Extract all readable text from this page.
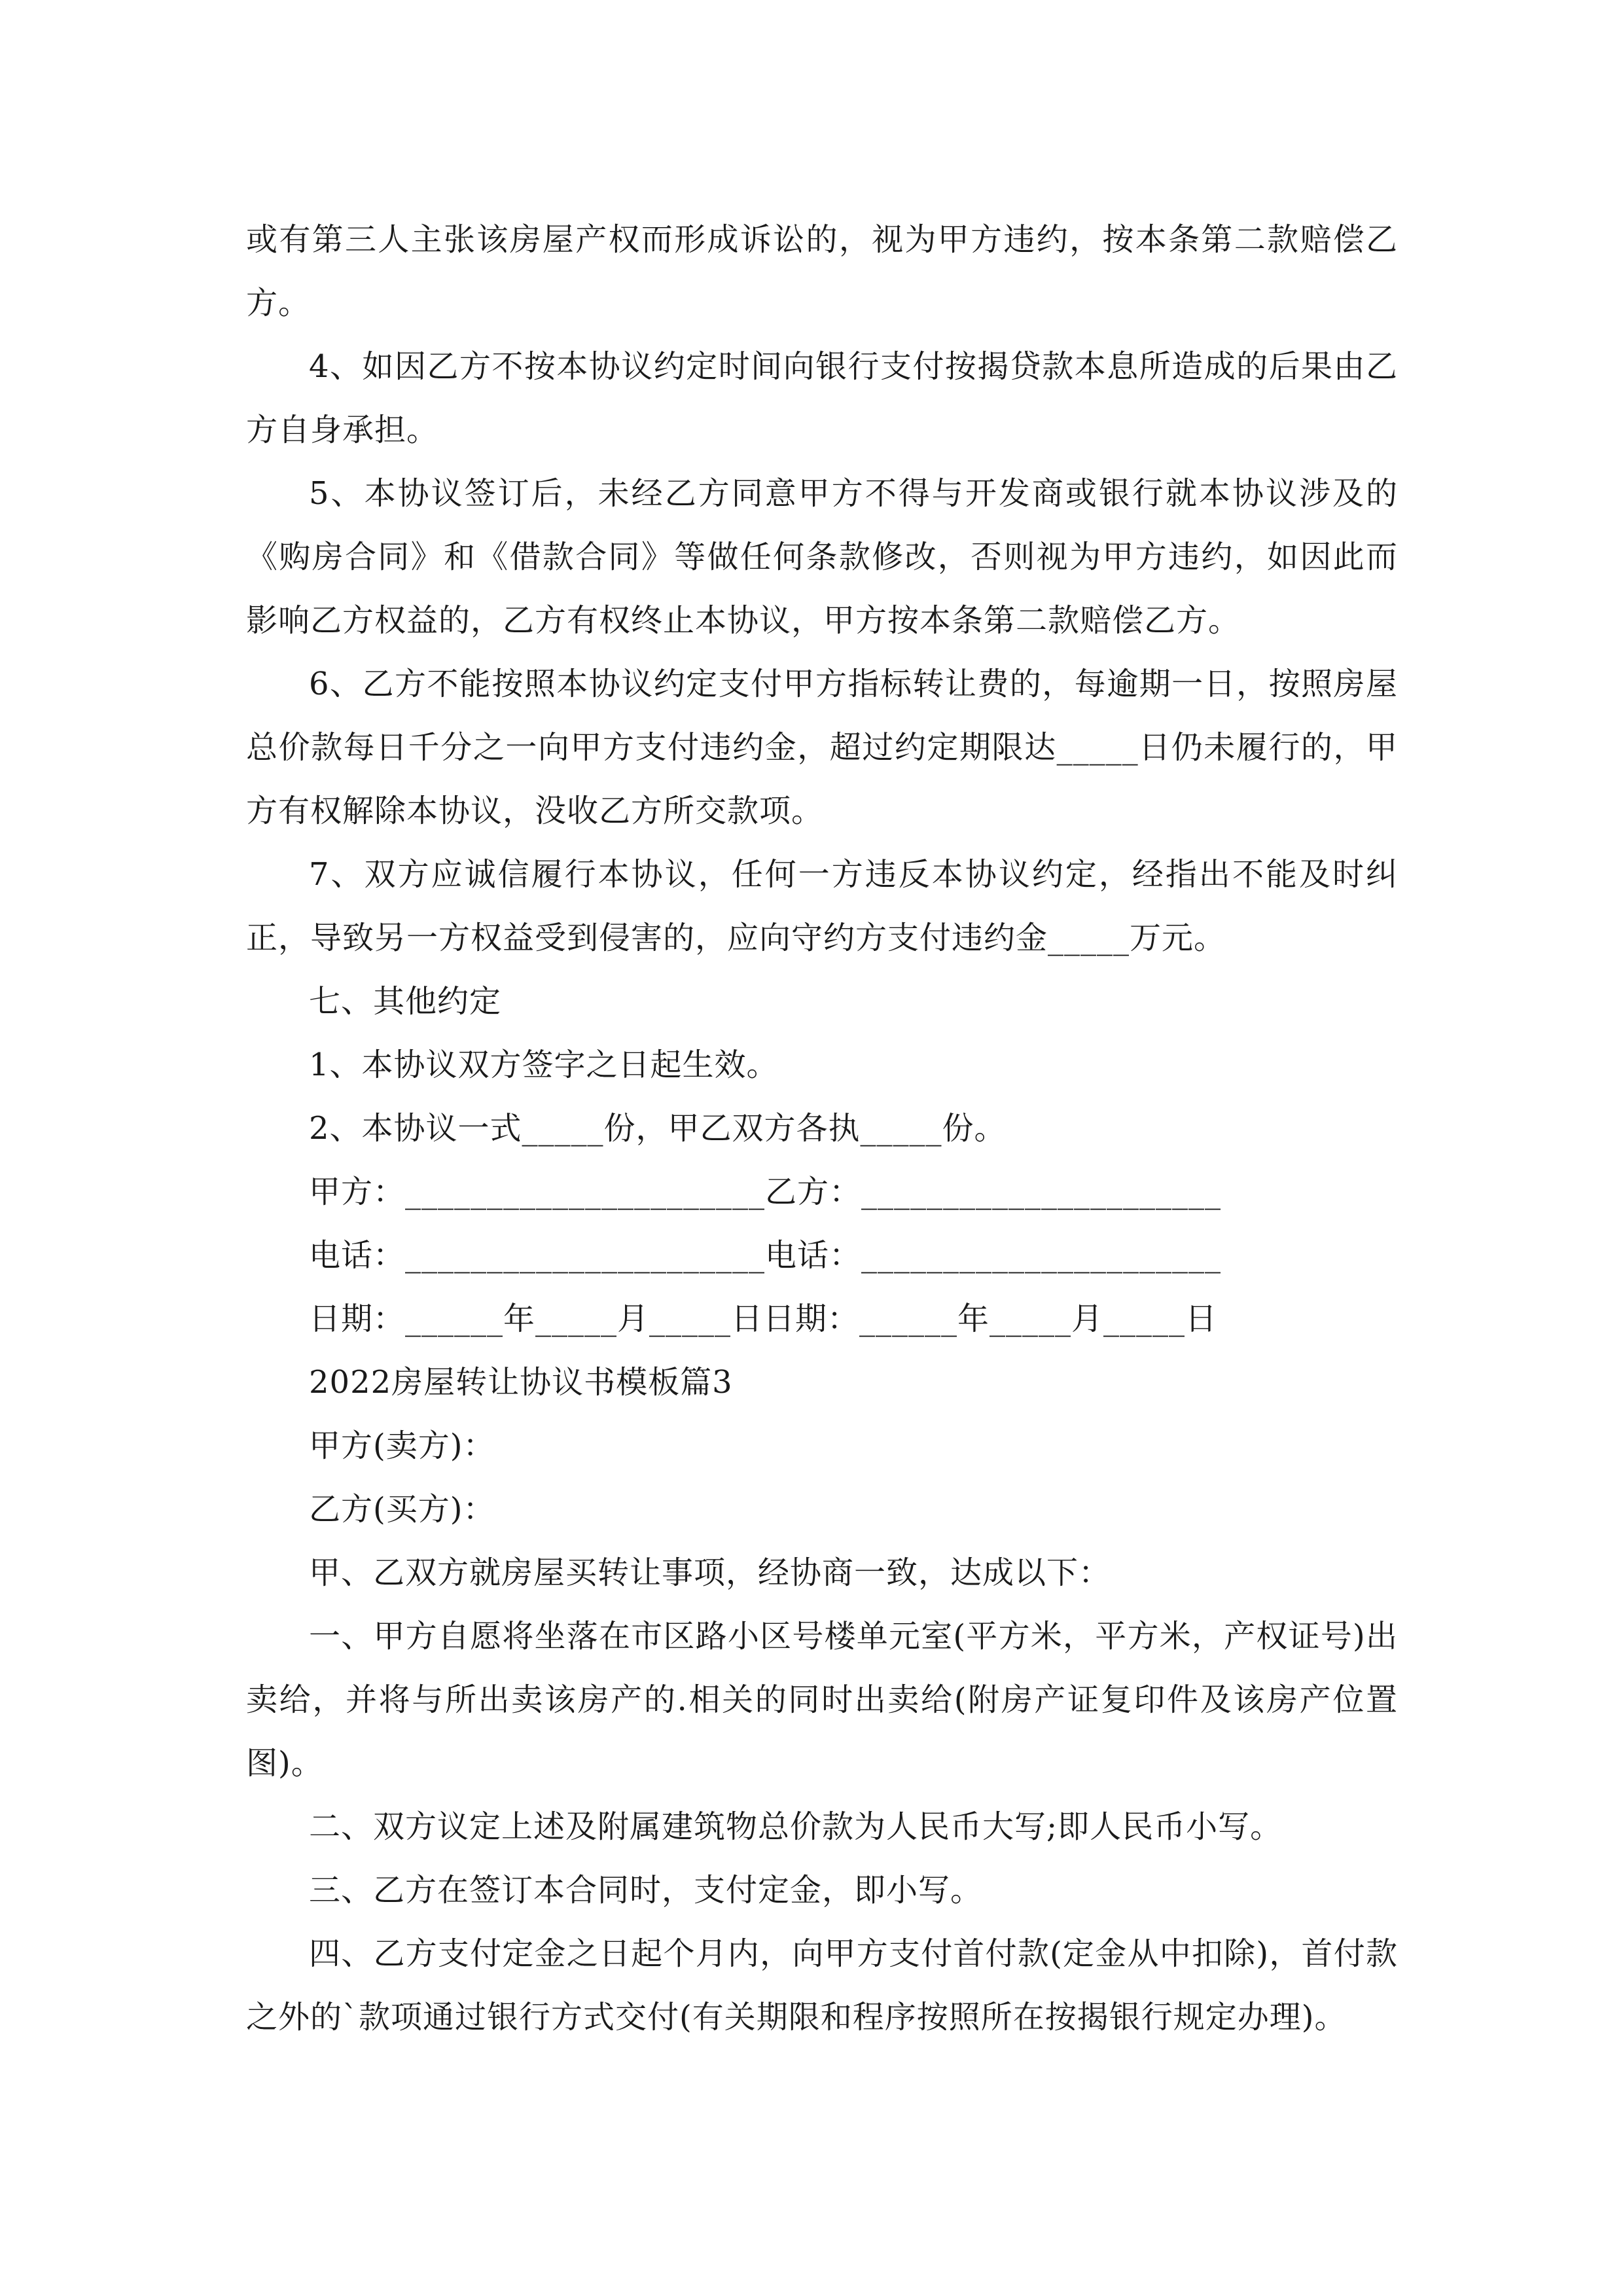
或有第三人主张该房屋产权而形成诉讼的，视为甲方违约，按本条第二款赔偿乙方。

4、如因乙方不按本协议约定时间向银行支付按揭贷款本息所造成的后果由乙方自身承担。

5、本协议签订后，未经乙方同意甲方不得与开发商或银行就本协议涉及的《购房合同》和《借款合同》等做任何条款修改，否则视为甲方违约，如因此而影响乙方权益的，乙方有权终止本协议，甲方按本条第二款赔偿乙方。

6、乙方不能按照本协议约定支付甲方指标转让费的，每逾期一日，按照房屋总价款每日千分之一向甲方支付违约金，超过约定期限达_____日仍未履行的，甲方有权解除本协议，没收乙方所交款项。

7、双方应诚信履行本协议，任何一方违反本协议约定，经指出不能及时纠正，导致另一方权益受到侵害的，应向守约方支付违约金_____万元。

七、其他约定

1、本协议双方签字之日起生效。

2、本协议一式_____份，甲乙双方各执_____份。

甲方：______________________乙方：______________________

电话：______________________电话：______________________

日期：______年_____月_____日日期：______年_____月_____日

2022房屋转让协议书模板篇3

甲方(卖方)：

乙方(买方)：

甲、乙双方就房屋买转让事项，经协商一致，达成以下：

一、甲方自愿将坐落在市区路小区号楼单元室(平方米，平方米，产权证号)出卖给，并将与所出卖该房产的.相关的同时出卖给(附房产证复印件及该房产位置图)。

二、双方议定上述及附属建筑物总价款为人民币大写;即人民币小写。

三、乙方在签订本合同时，支付定金，即小写。

四、乙方支付定金之日起个月内，向甲方支付首付款(定金从中扣除)，首付款之外的`款项通过银行方式交付(有关期限和程序按照所在按揭银行规定办理)。
